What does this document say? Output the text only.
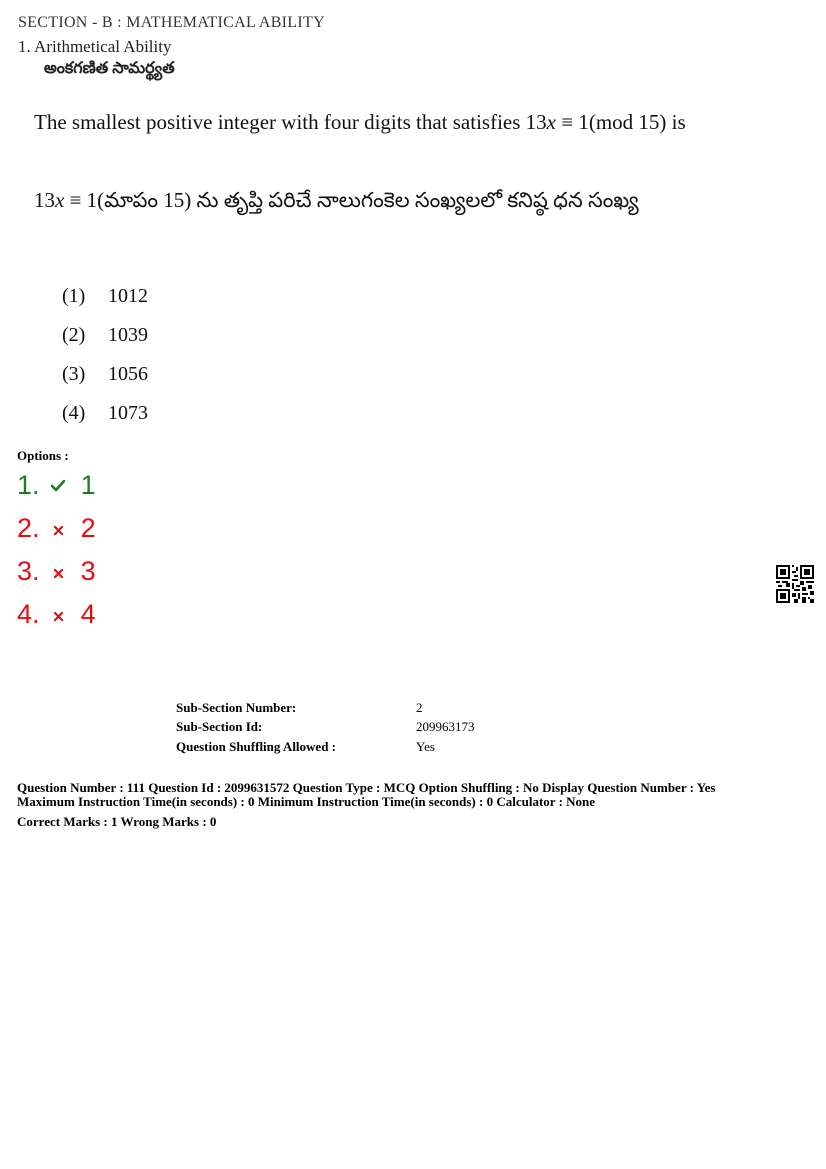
SECTION - B : MATHEMATICAL ABILITY
1. Arithmetical Ability
అంకగణిత సామర్థ్యత
The smallest positive integer with four digits that satisfies 13x ≡ 1(mod 15) is
13x ≡ 1(మాపం 15) ను తృప్తి పరిచే నాలుగంకెల సంఖ్యలలో కనిష్ఠ ధన సంఖ్య
(1) 1012
(2) 1039
(3) 1056
(4) 1073
Options :
1. 1
2. 2
3. 3
4. 4
Sub-Section Number:	2
Sub-Section Id:	209963173
Question Shuffling Allowed :	Yes
Question Number : 111 Question Id : 2099631572 Question Type : MCQ Option Shuffling : No Display Question Number : Yes
Maximum Instruction Time(in seconds) : 0 Minimum Instruction Time(in seconds) : 0 Calculator : None
Correct Marks : 1 Wrong Marks : 0
